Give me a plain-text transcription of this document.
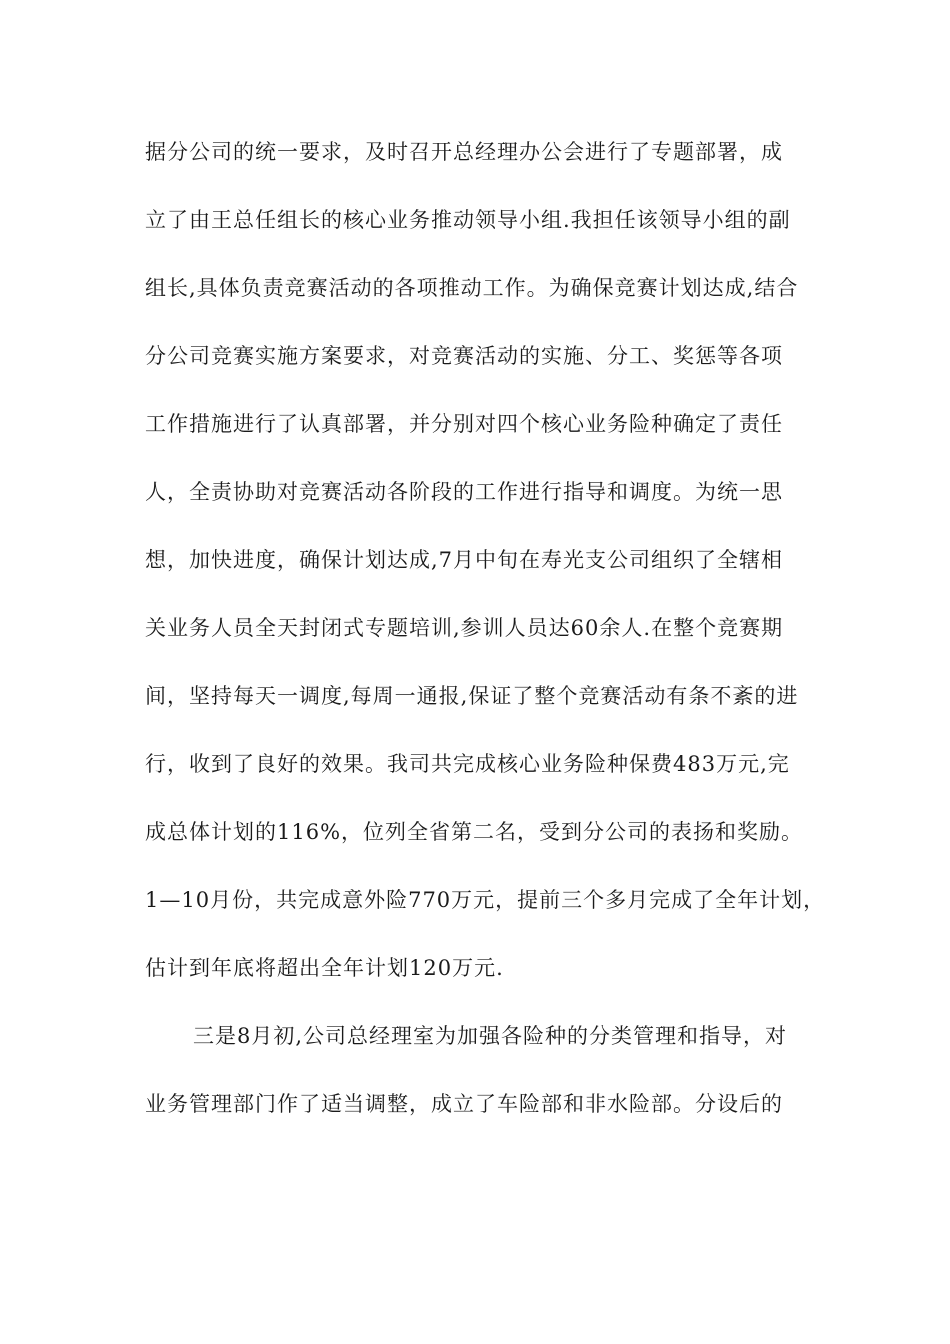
据分公司的统一要求，及时召开总经理办公会进行了专题部署，成
立了由王总任组长的核心业务推动领导小组.我担任该领导小组的副
组长,具体负责竞赛活动的各项推动工作。为确保竞赛计划达成,结合
分公司竞赛实施方案要求，对竞赛活动的实施、分工、奖惩等各项
工作措施进行了认真部署，并分别对四个核心业务险种确定了责任
人，全责协助对竞赛活动各阶段的工作进行指导和调度。为统一思
想，加快进度，确保计划达成,7月中旬在寿光支公司组织了全辖相
关业务人员全天封闭式专题培训,参训人员达60余人.在整个竞赛期
间，坚持每天一调度,每周一通报,保证了整个竞赛活动有条不紊的进
行，收到了良好的效果。我司共完成核心业务险种保费483万元,完
成总体计划的116%，位列全省第二名，受到分公司的表扬和奖励。
1—10月份，共完成意外险770万元，提前三个多月完成了全年计划，
估计到年底将超出全年计划120万元.
三是8月初,公司总经理室为加强各险种的分类管理和指导，对
业务管理部门作了适当调整，成立了车险部和非水险部。分设后的
